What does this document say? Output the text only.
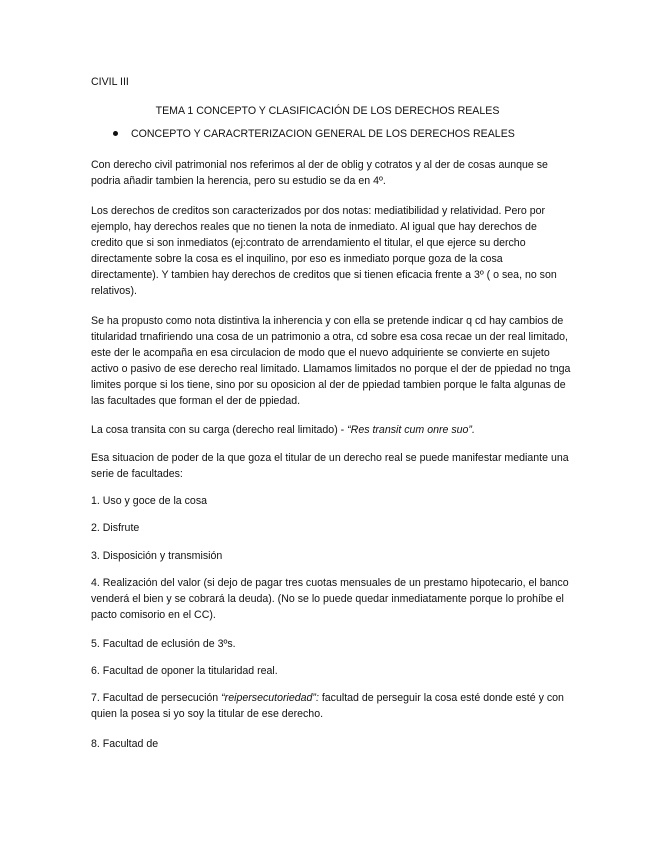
CIVIL III

TEMA 1 CONCEPTO Y CLASIFICACIÓN DE LOS DERECHOS REALES

CONCEPTO Y CARACRTERIZACION GENERAL DE LOS DERECHOS REALES

Con derecho civil patrimonial nos referimos al der de oblig y cotratos y al der de cosas aunque se podria añadir tambien la herencia, pero su estudio se da en 4º.

Los derechos de creditos son caracterizados por dos notas: mediatibilidad y relatividad. Pero por ejemplo, hay derechos reales que no tienen la nota de inmediato. Al igual que hay derechos de credito que si son inmediatos (ej:contrato de arrendamiento el titular, el que ejerce su dercho directamente sobre la cosa es el inquilino, por eso es inmediato porque goza de la cosa directamente). Y tambien hay derechos de creditos que si tienen eficacia frente a 3º ( o sea, no son relativos).

Se ha propusto como nota distintiva la inherencia y con ella se pretende indicar q cd hay cambios de titularidad trnafiriendo una cosa de un patrimonio a otra, cd sobre esa cosa recae un der real limitado, este der le acompaña en esa circulacion de modo que el nuevo adquiriente se convierte en sujeto activo o pasivo de ese derecho real limitado. Llamamos limitados no porque el der de ppiedad no tnga limites porque si los tiene, sino por su oposicion al der de ppiedad tambien porque le falta algunas de las facultades que forman el der de ppiedad.

La cosa transita con su carga (derecho real limitado) - “Res transit cum onre suo”.

Esa situacion de poder de la que goza el titular de un derecho real se puede manifestar mediante una serie de facultades:

1. Uso y goce de la cosa

2. Disfrute

3. Disposición y transmisión

4. Realización del valor (si dejo de pagar tres cuotas mensuales de un prestamo hipotecario, el banco venderá el bien y se cobrará la deuda). (No se lo puede quedar inmediatamente porque lo prohíbe el pacto comisorio en el CC).

5. Facultad de eclusión de 3ºs.

6. Facultad de oponer la titularidad real.

7. Facultad de persecución “reipersecutoriedad”: facultad de perseguir la cosa esté donde esté y con quien la posea si yo soy la titular de ese derecho.

8. Facultad de
